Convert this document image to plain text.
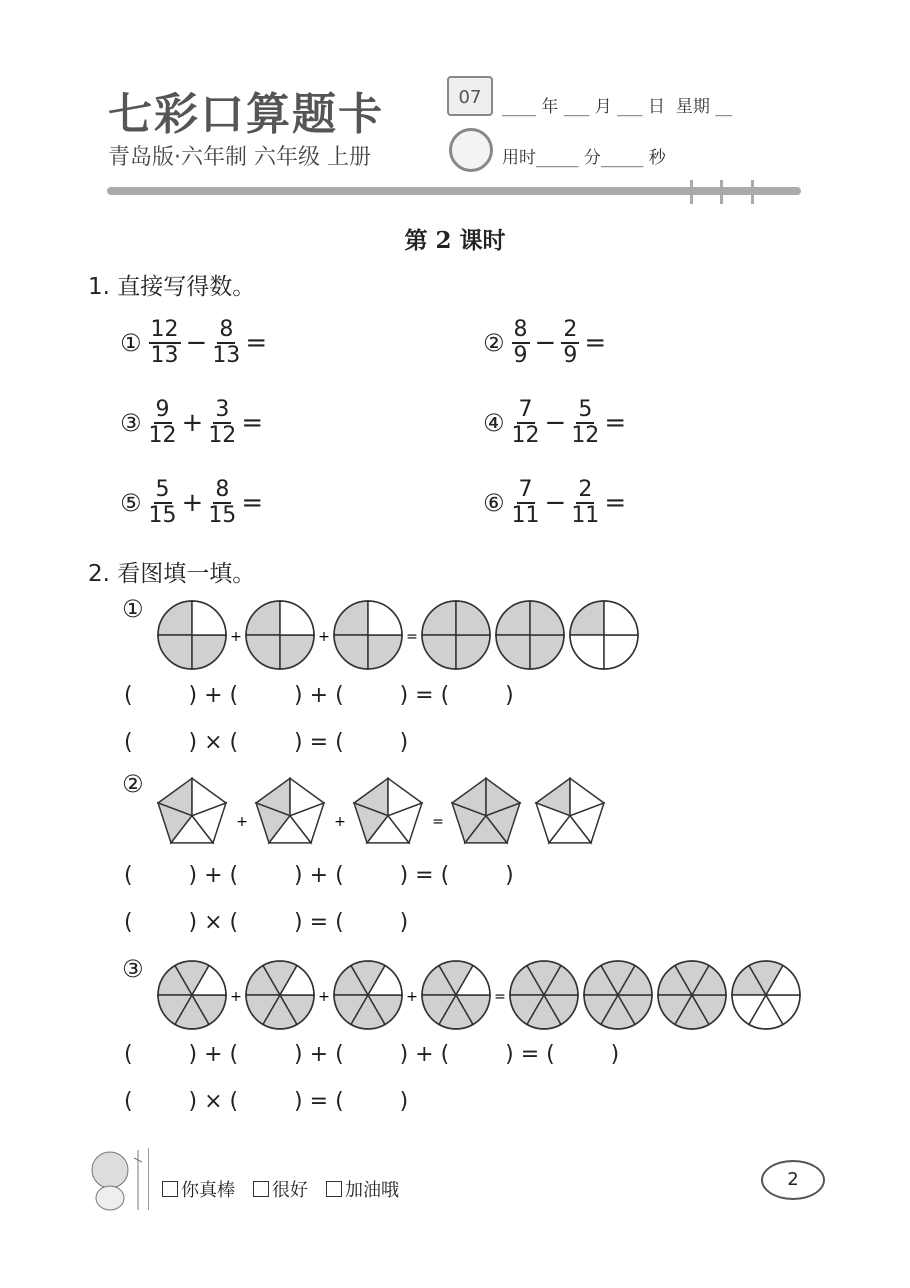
七彩口算题卡
青岛版·六年制 六年级 上册
07	____ 年 ___ 月 ___ 日  星期 __
用时_____ 分_____ 秒
第 2 课时
1. 直接写得数。
2. 看图填一填。
你真棒 很好 加油哦
2
① $\frac{12}{13} - \frac{8}{13}$ =	② $\frac{8}{9} - \frac{2}{9}$ =
③ $\frac{9}{12} + \frac{3}{12}$ =	④ $\frac{7}{12} - \frac{5}{12}$ =
⑤ $\frac{5}{15} + \frac{8}{15}$ =	⑥ $\frac{7}{11} - \frac{2}{11}$ =
①
+	+	=
(        ) + (        ) + (        ) = (        )
(        ) × (        ) = (        )
②
+	+	=
(        ) + (        ) + (        ) = (        )
(        ) × (        ) = (        )
③
+	+	+	=
(        ) + (        ) + (        ) + (        ) = (        )
(        ) × (        ) = (        )
